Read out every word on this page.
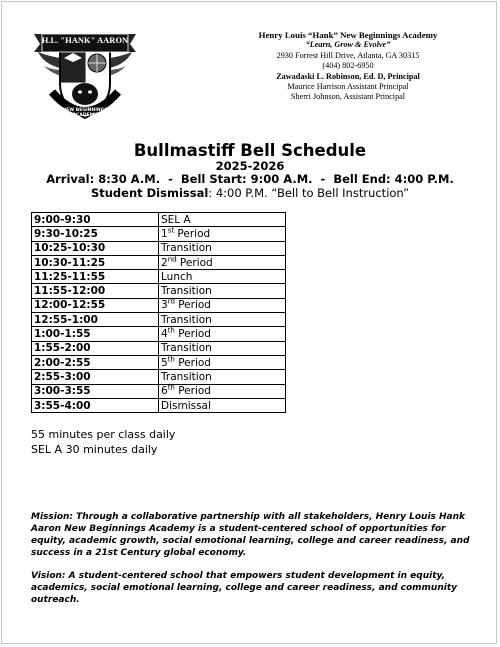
H.L. "HANK" AARON
NEW BEGINNINGS ACADEMY
Henry Louis “Hank” New Beginnings Academy
“Learn, Grow & Evolve”
2930 Forrest Hill Drive, Atlanta, GA 30315
(404) 802-6950
Zawadaski L. Robinson, Ed. D, Principal
Maurice Harrison Assistant Principal
Sherri Johnson, Assistant Principal
Bullmastiff Bell Schedule
2025-2026
Arrival: 8:30 A.M.  -  Bell Start: 9:00 A.M.  -  Bell End: 4:00 P.M.
Student Dismissal: 4:00 P.M. “Bell to Bell Instruction”
9:00-9:30	SEL A
9:30-10:25	1st Period
10:25-10:30	Transition
10:30-11:25	2nd Period
11:25-11:55	Lunch
11:55-12:00	Transition
12:00-12:55	3rd Period
12:55-1:00	Transition
1:00-1:55	4th Period
1:55-2:00	Transition
2:00-2:55	5th Period
2:55-3:00	Transition
3:00-3:55	6th Period
3:55-4:00	Dismissal
55 minutes per class daily
SEL A 30 minutes daily
Mission: Through a collaborative partnership with all stakeholders, Henry Louis Hank Aaron New Beginnings Academy is a student-centered school of opportunities for equity, academic growth, social emotional learning, college and career readiness, and success in a 21st Century global economy.
Vision: A student-centered school that empowers student development in equity, academics, social emotional learning, college and career readiness, and community outreach.
